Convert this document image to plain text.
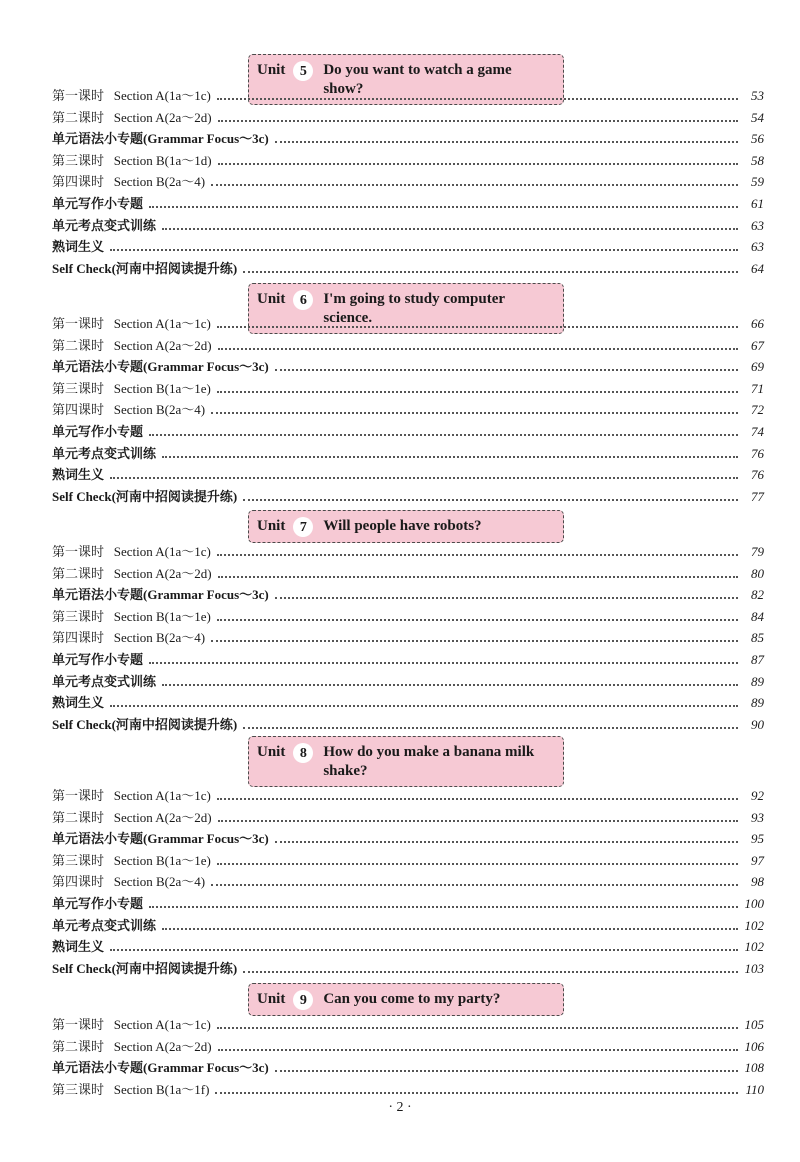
Unit	5	Do you want to watch a game show?
第一课时   Section A(1a～1c)	53
第二课时   Section A(2a～2d)	54
单元语法小专题(Grammar Focus～3c)	56
第三课时   Section B(1a～1d)	58
第四课时   Section B(2a～4)	59
单元写作小专题	61
单元考点变式训练	63
熟词生义	63
Self Check(河南中招阅读提升练)	64
Unit	6	I'm going to study computer science.
第一课时   Section A(1a～1c)	66
第二课时   Section A(2a～2d)	67
单元语法小专题(Grammar Focus～3c)	69
第三课时   Section B(1a～1e)	71
第四课时   Section B(2a～4)	72
单元写作小专题	74
单元考点变式训练	76
熟词生义	76
Self Check(河南中招阅读提升练)	77
Unit	7	Will people have robots?
第一课时   Section A(1a～1c)	79
第二课时   Section A(2a～2d)	80
单元语法小专题(Grammar Focus～3c)	82
第三课时   Section B(1a～1e)	84
第四课时   Section B(2a～4)	85
单元写作小专题	87
单元考点变式训练	89
熟词生义	89
Self Check(河南中招阅读提升练)	90
Unit	8	How do you make a banana milk shake?
第一课时   Section A(1a～1c)	92
第二课时   Section A(2a～2d)	93
单元语法小专题(Grammar Focus～3c)	95
第三课时   Section B(1a～1e)	97
第四课时   Section B(2a～4)	98
单元写作小专题	100
单元考点变式训练	102
熟词生义	102
Self Check(河南中招阅读提升练)	103
Unit	9	Can you come to my party?
第一课时   Section A(1a～1c)	105
第二课时   Section A(2a～2d)	106
单元语法小专题(Grammar Focus～3c)	108
第三课时   Section B(1a～1f)	110
· 2 ·
